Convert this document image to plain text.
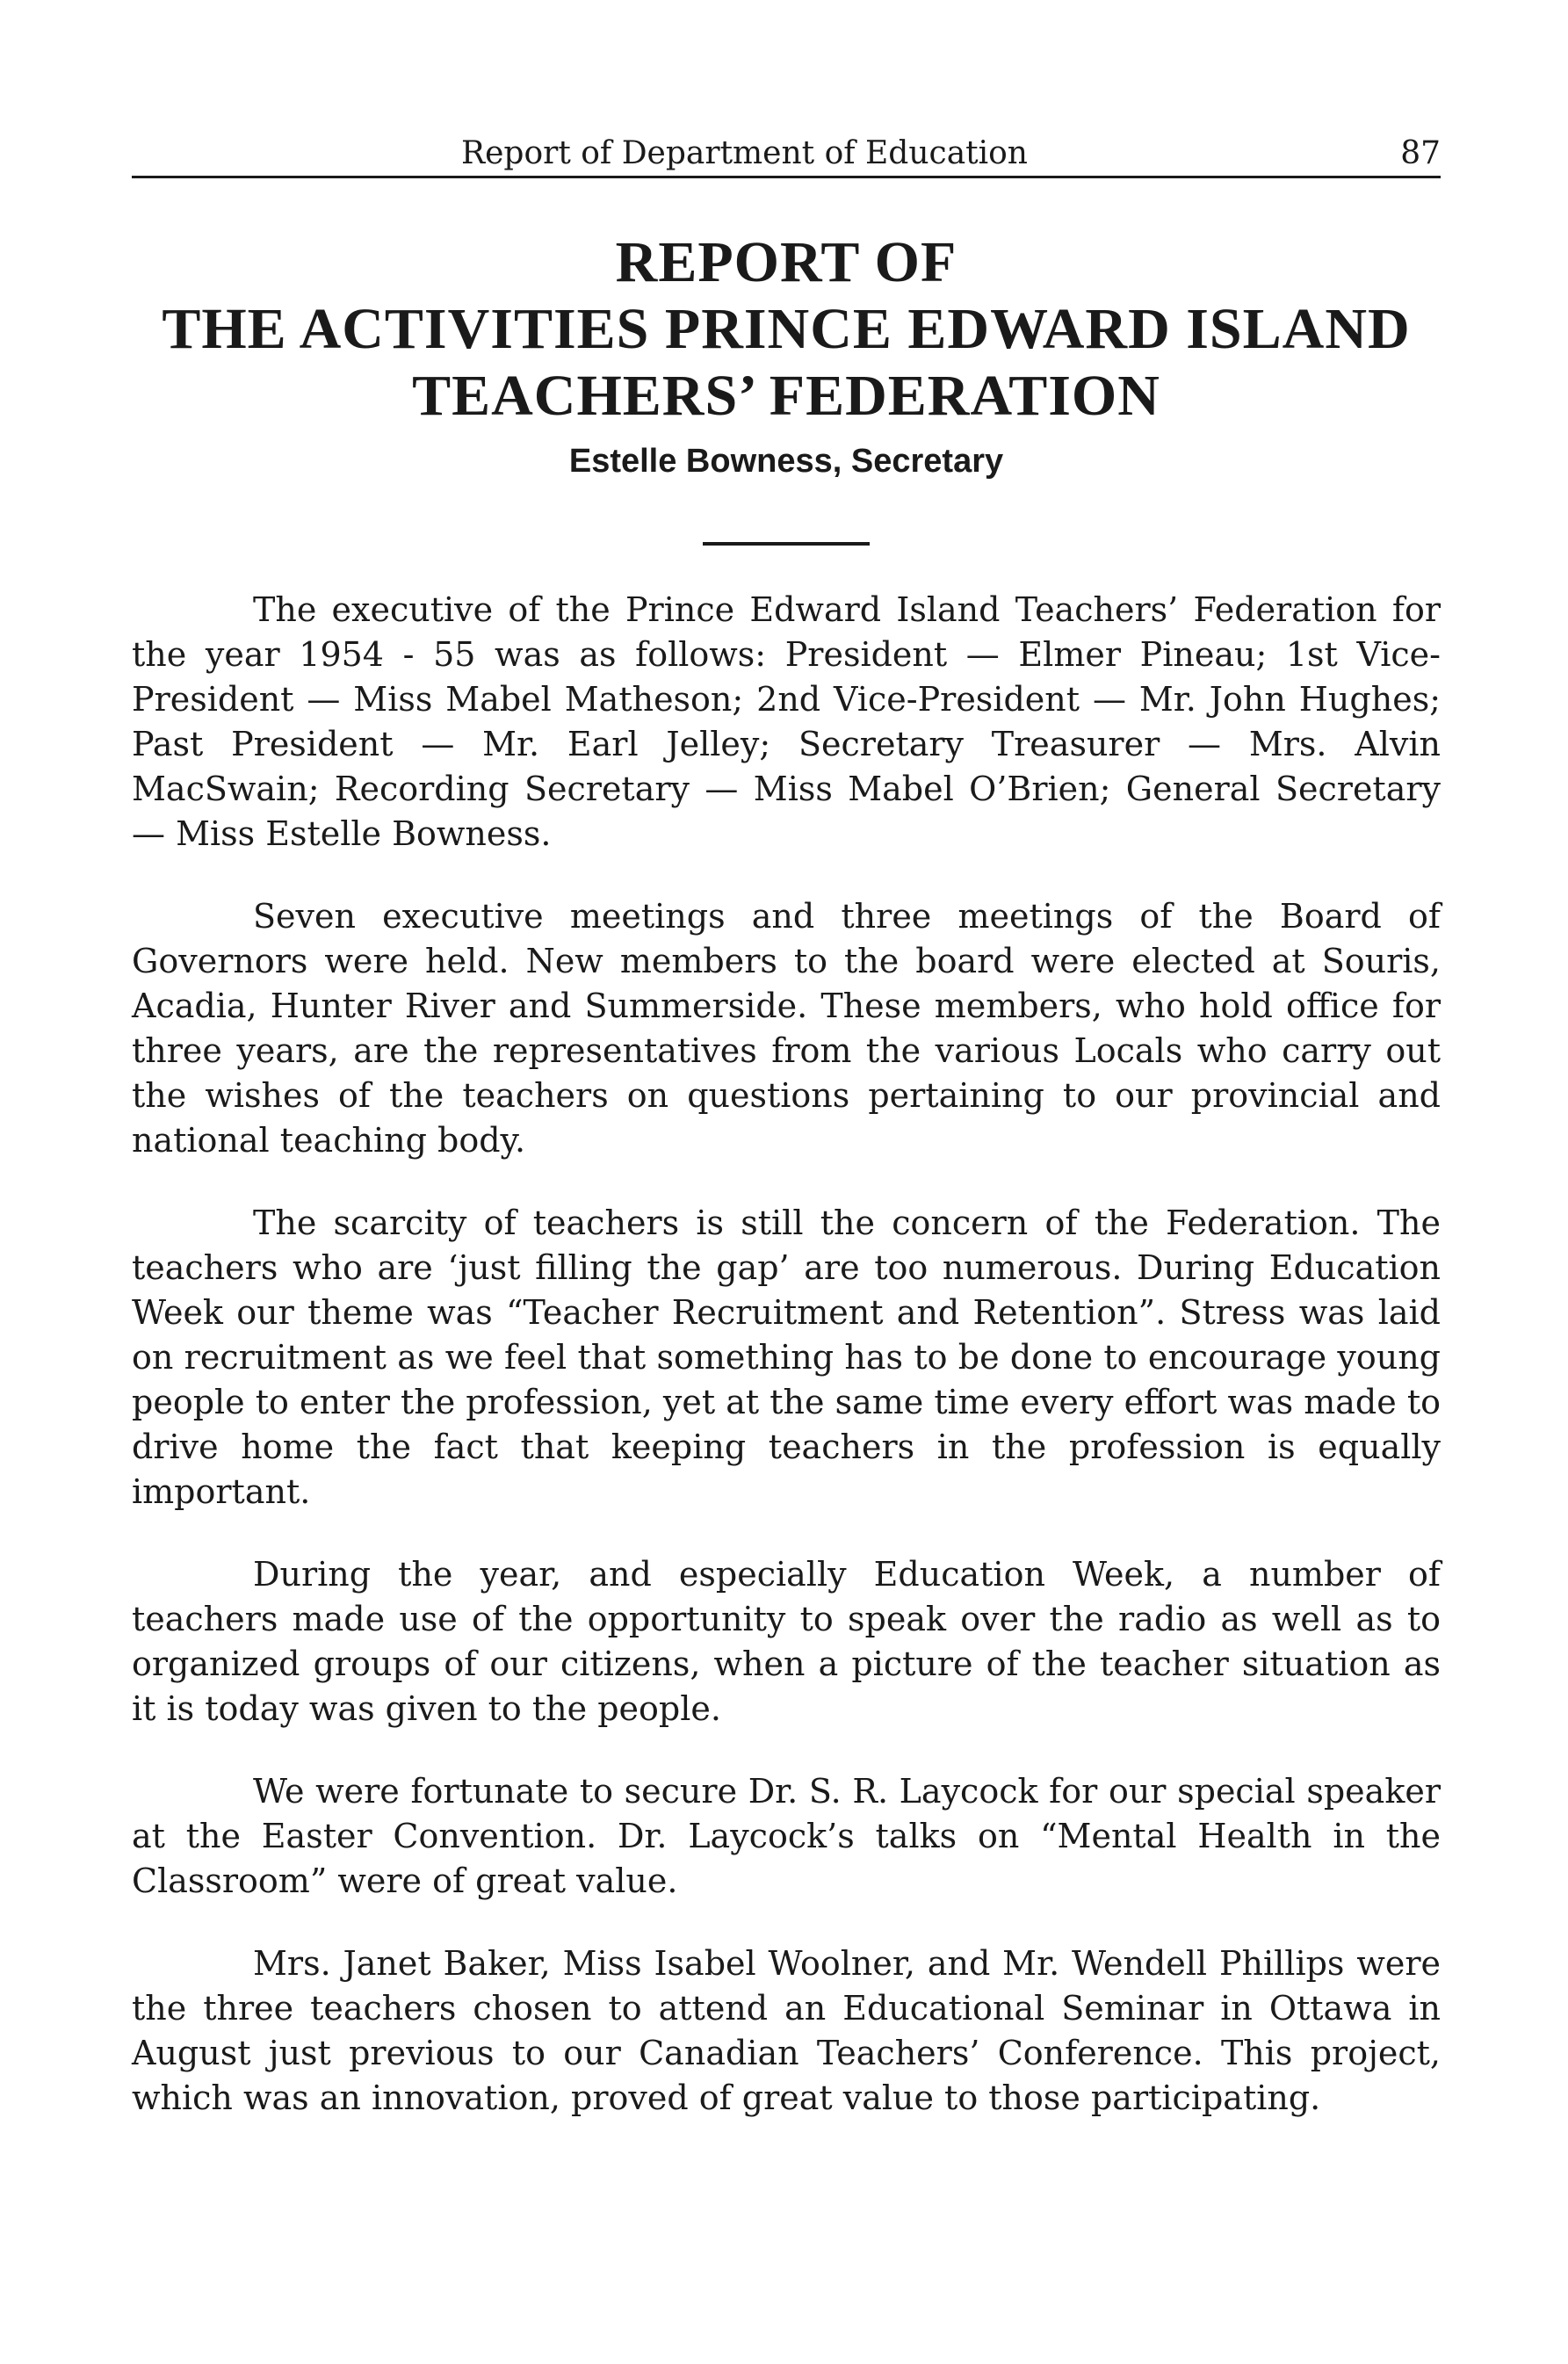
Report of Department of Education	87
REPORT OF
THE ACTIVITIES PRINCE EDWARD ISLAND
TEACHERS’ FEDERATION
Estelle Bowness, Secretary

The executive of the Prince Edward Island Teachers’ Federation for the year 1954 - 55 was as follows: President — Elmer Pineau; 1st Vice-President — Miss Mabel Matheson; 2nd Vice-President — Mr. John Hughes; Past President — Mr. Earl Jelley; Secretary Treasurer — Mrs. Alvin MacSwain; Recording Secretary — Miss Mabel O’Brien; General Secretary — Miss Estelle Bowness.

Seven executive meetings and three meetings of the Board of Governors were held. New members to the board were elected at Souris, Acadia, Hunter River and Summerside. These members, who hold office for three years, are the representatives from the various Locals who carry out the wishes of the teachers on questions pertaining to our provincial and national teaching body.

The scarcity of teachers is still the concern of the Federation. The teachers who are ‘just filling the gap’ are too numerous. During Education Week our theme was “Teacher Recruitment and Retention”. Stress was laid on recruitment as we feel that something has to be done to encourage young people to enter the profession, yet at the same time every effort was made to drive home the fact that keeping teachers in the profession is equally important.

During the year, and especially Education Week, a number of teachers made use of the opportunity to speak over the radio as well as to organized groups of our citizens, when a picture of the teacher situation as it is today was given to the people.

We were fortunate to secure Dr. S. R. Laycock for our special speaker at the Easter Convention. Dr. Laycock’s talks on “Mental Health in the Classroom” were of great value.

Mrs. Janet Baker, Miss Isabel Woolner, and Mr. Wendell Phillips were the three teachers chosen to attend an Educational Seminar in Ottawa in August just previous to our Canadian Teachers’ Conference. This project, which was an innovation, proved of great value to those participating.
